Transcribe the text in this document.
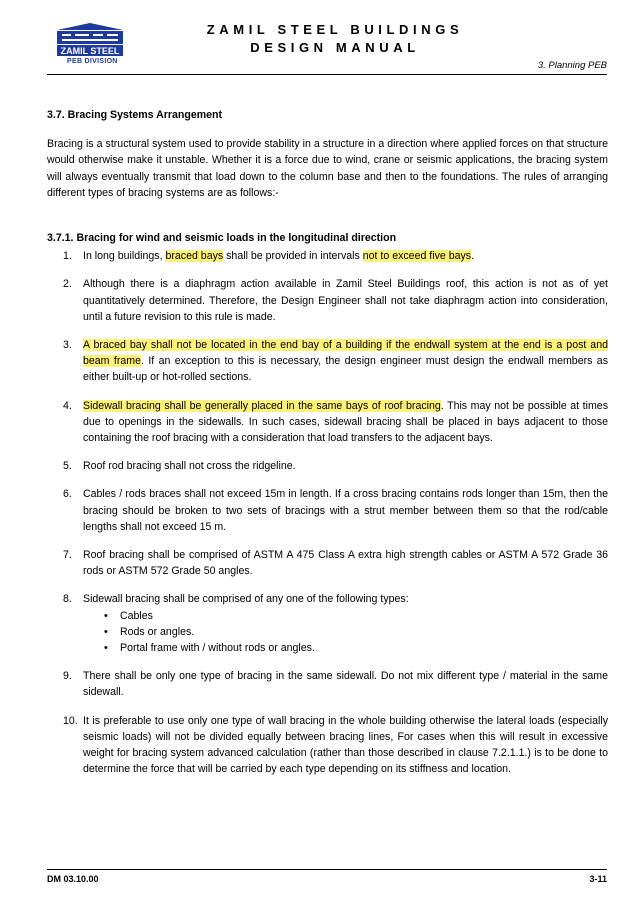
ZAMIL STEEL
PEB DIVISION
ZAMIL STEEL BUILDINGS
DESIGN MANUAL
3. Planning PEB
3.7. Bracing Systems Arrangement

Bracing is a structural system used to provide stability in a structure in a direction where applied forces on that structure would otherwise make it unstable. Whether it is a force due to wind, crane or seismic applications, the bracing system will always eventually transmit that load down to the column base and then to the foundations. The rules of arranging different types of bracing systems are as follows:-

3.7.1. Bracing for wind and seismic loads in the longitudinal direction
1. In long buildings, braced bays shall be provided in intervals not to exceed five bays.
2. Although there is a diaphragm action available in Zamil Steel Buildings roof, this action is not as of yet quantitatively determined. Therefore, the Design Engineer shall not take diaphragm action into consideration, until a future revision to this rule is made.
3. A braced bay shall not be located in the end bay of a building if the endwall system at the end is a post and beam frame. If an exception to this is necessary, the design engineer must design the endwall members as either built-up or hot-rolled sections.
4. Sidewall bracing shall be generally placed in the same bays of roof bracing. This may not be possible at times due to openings in the sidewalls. In such cases, sidewall bracing shall be placed in bays adjacent to those containing the roof bracing with a consideration that load transfers to the adjacent bays.
5. Roof rod bracing shall not cross the ridgeline.
6. Cables / rods braces shall not exceed 15m in length. If a cross bracing contains rods longer than 15m, then the bracing should be broken to two sets of bracings with a strut member between them so that the rod/cable lengths shall not exceed 15 m.
7. Roof bracing shall be comprised of ASTM A 475 Class A extra high strength cables or ASTM A 572 Grade 36 rods or ASTM 572 Grade 50 angles.
8. Sidewall bracing shall be comprised of any one of the following types:
• Cables
• Rods or angles.
• Portal frame with / without rods or angles.
9. There shall be only one type of bracing in the same sidewall. Do not mix different type / material in the same sidewall.
10. It is preferable to use only one type of wall bracing in the whole building otherwise the lateral loads (especially seismic loads) will not be divided equally between bracing lines, For cases when this will result in excessive weight for bracing system advanced calculation (rather than those described in clause 7.2.1.1.) is to be done to determine the force that will be carried by each type depending on its stiffness and location.
DM 03.10.00	3-11
